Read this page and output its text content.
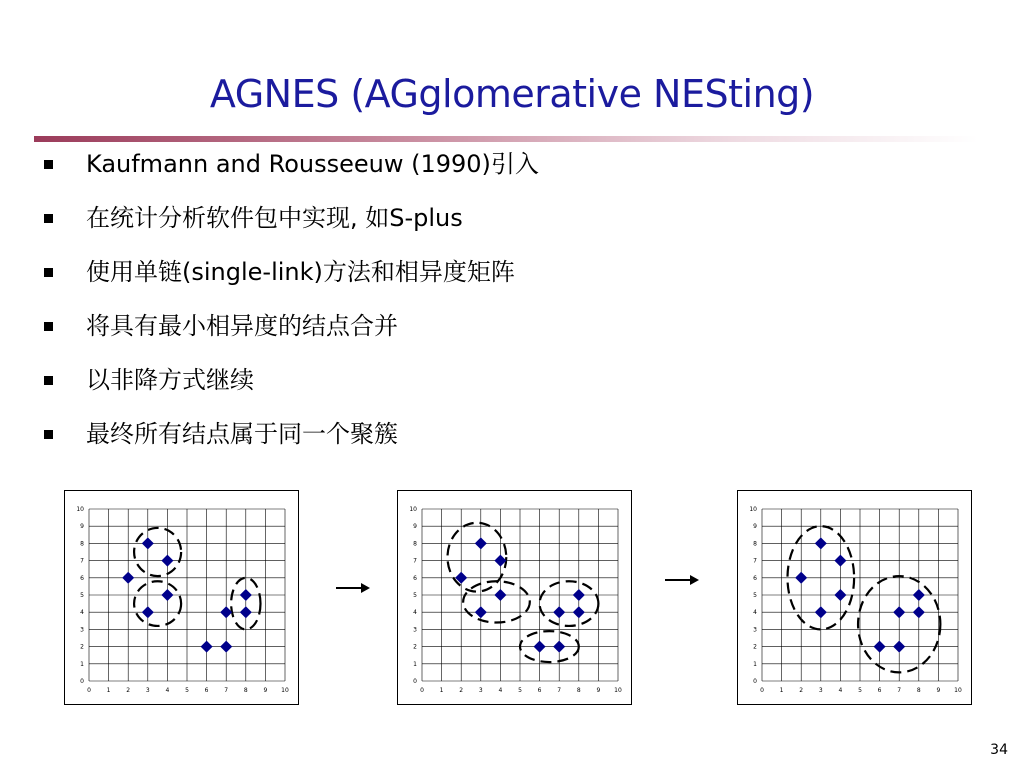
AGNES (AGglomerative NESting)
Kaufmann and Rousseeuw (1990)引入
在统计分析软件包中实现, 如S-plus
使用单链(single-link)方法和相异度矩阵
将具有最小相异度的结点合并
以非降方式继续
最终所有结点属于同一个聚簇
0	1	2	3	4	5	6	7	8	9 10
0
1
2
3
4
5
6
7
8
9
10
0	1	2	3	4	5	6	7	8	9 10
0
1
2
3
4
5
6
7
8
9
10
0	1	2	3	4	5	6	7	8	9 10
0
1
2
3
4
5
6
7
8
9
10
34
